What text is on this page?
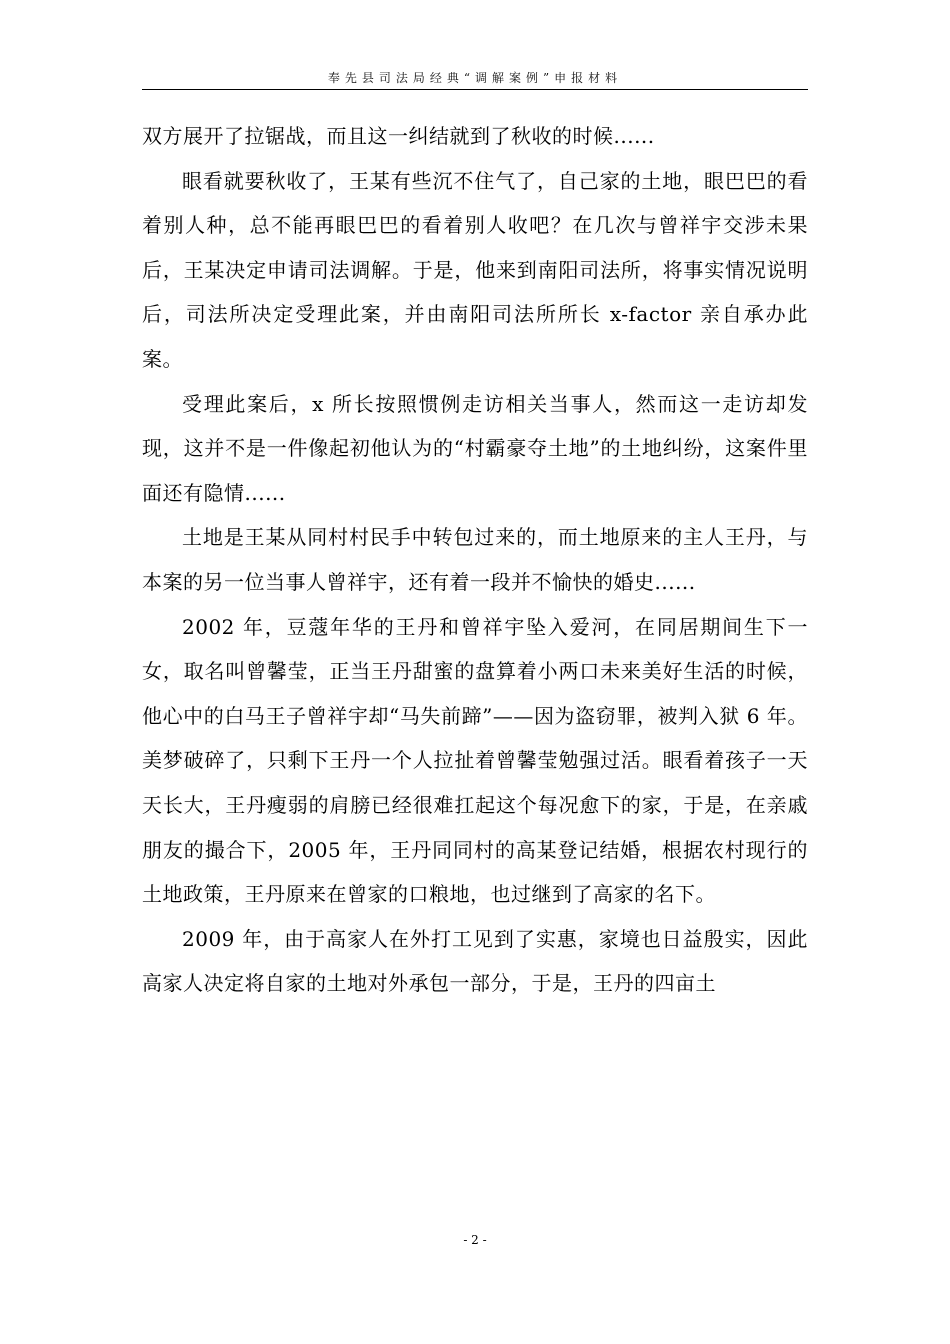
奉先县司法局经典“调解案例”申报材料

双方展开了拉锯战，而且这一纠结就到了秋收的时候......

眼看就要秋收了，王某有些沉不住气了，自己家的土地，眼巴巴的看着别人种，总不能再眼巴巴的看着别人收吧？在几次与曾祥宇交涉未果后，王某决定申请司法调解。于是，他来到南阳司法所，将事实情况说明后，司法所决定受理此案，并由南阳司法所所长 x-factor 亲自承办此案。

受理此案后，x 所长按照惯例走访相关当事人，然而这一走访却发现，这并不是一件像起初他认为的“村霸豪夺土地”的土地纠纷，这案件里面还有隐情......

土地是王某从同村村民手中转包过来的，而土地原来的主人王丹，与本案的另一位当事人曾祥宇，还有着一段并不愉快的婚史......

2002 年，豆蔻年华的王丹和曾祥宇坠入爱河，在同居期间生下一女，取名叫曾馨莹，正当王丹甜蜜的盘算着小两口未来美好生活的时候，他心中的白马王子曾祥宇却“马失前蹄”——因为盗窃罪，被判入狱 6 年。美梦破碎了，只剩下王丹一个人拉扯着曾馨莹勉强过活。眼看着孩子一天天长大，王丹瘦弱的肩膀已经很难扛起这个每况愈下的家，于是，在亲戚朋友的撮合下，2005 年，王丹同同村的高某登记结婚，根据农村现行的土地政策，王丹原来在曾家的口粮地，也过继到了高家的名下。

2009 年，由于高家人在外打工见到了实惠，家境也日益殷实，因此高家人决定将自家的土地对外承包一部分，于是，王丹的四亩土

- 2 -
